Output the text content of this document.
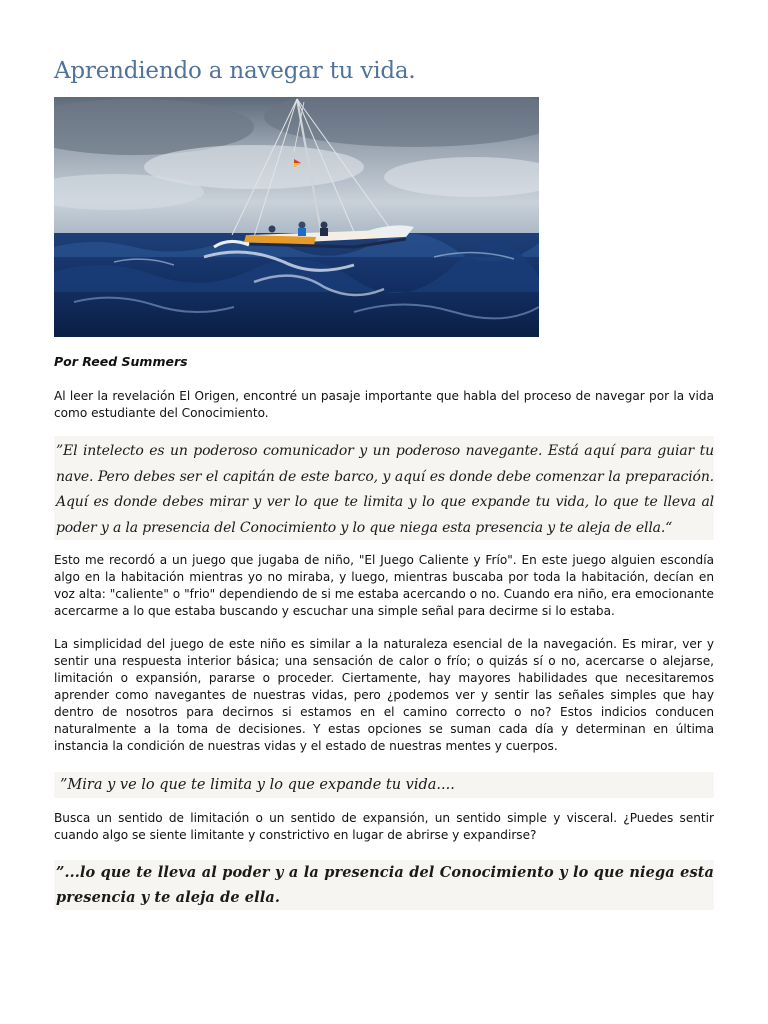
Aprendiendo a navegar tu vida.
Por Reed Summers

Al leer la revelación El Origen, encontré un pasaje importante que habla del proceso de navegar por la vida como estudiante del Conocimiento.

”El intelecto es un poderoso comunicador y un poderoso navegante. Está aquí para guiar tu nave. Pero debes ser el capitán de este barco, y aquí es donde debe comenzar la preparación. Aquí es donde debes mirar y ver lo que te limita y lo que expande tu vida, lo que te lleva al poder y a la presencia del Conocimiento y lo que niega esta presencia y te aleja de ella.“

Esto me recordó a un juego que jugaba de niño, "El Juego Caliente y Frío". En este juego alguien escondía algo en la habitación mientras yo no miraba, y luego, mientras buscaba por toda la habitación, decían en voz alta: "caliente" o "frio" dependiendo de si me estaba acercando o no. Cuando era niño, era emocionante acercarme a lo que estaba buscando y escuchar una simple señal para decirme si lo estaba.

La simplicidad del juego de este niño es similar a la naturaleza esencial de la navegación. Es mirar, ver y sentir una respuesta interior básica; una sensación de calor o frío; o quizás sí o no, acercarse o alejarse, limitación o expansión, pararse o proceder. Ciertamente, hay mayores habilidades que necesitaremos aprender como navegantes de nuestras vidas, pero ¿podemos ver y sentir las señales simples que hay dentro de nosotros para decirnos si estamos en el camino correcto o no? Estos indicios conducen naturalmente a la toma de decisiones. Y estas opciones se suman cada día y determinan en última instancia la condición de nuestras vidas y el estado de nuestras mentes y cuerpos.

”Mira y ve lo que te limita y lo que expande tu vida....

Busca un sentido de limitación o un sentido de expansión, un sentido simple y visceral. ¿Puedes sentir cuando algo se siente limitante y constrictivo en lugar de abrirse y expandirse?

”...lo que te lleva al poder y a la presencia del Conocimiento y lo que niega esta presencia y te aleja de ella.
